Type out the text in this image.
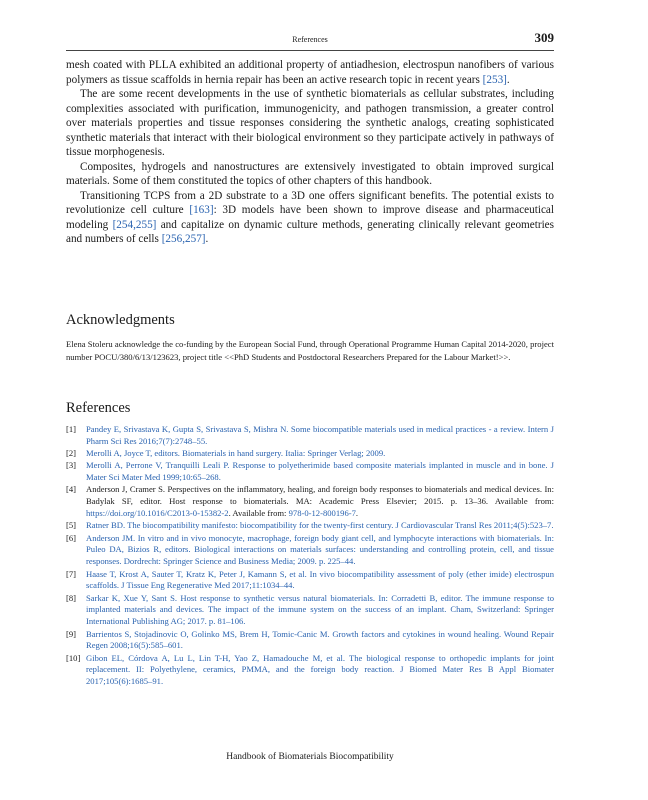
References	309

mesh coated with PLLA exhibited an additional property of antiadhesion, electrospun nanofibers of various polymers as tissue scaffolds in hernia repair has been an active research topic in recent years [253].

The are some recent developments in the use of synthetic biomaterials as cellular substrates, including complexities associated with purification, immunogenicity, and pathogen transmission, a greater control over materials properties and tissue responses considering the synthetic analogs, creating sophisticated synthetic materials that interact with their biological environment so they participate actively in pathways of tissue morphogenesis.

Composites, hydrogels and nanostructures are extensively investigated to obtain improved surgical materials. Some of them constituted the topics of other chapters of this handbook.

Transitioning TCPS from a 2D substrate to a 3D one offers significant benefits. The potential exists to revolutionize cell culture [163]: 3D models have been shown to improve disease and pharmaceutical modeling [254,255] and capitalize on dynamic culture methods, generating clinically relevant geometries and numbers of cells [256,257].

Acknowledgments
Elena Stoleru acknowledge the co-funding by the European Social Fund, through Operational Programme Human Capital 2014-2020, project number POCU/380/6/13/123623, project title <<PhD Students and Postdoctoral Researchers Prepared for the Labour Market!>>.
References
[1]	Pandey E, Srivastava K, Gupta S, Srivastava S, Mishra N. Some biocompatible materials used in medical practices - a review. Intern J Pharm Sci Res 2016;7(7):2748–55.
[2]	Merolli A, Joyce T, editors. Biomaterials in hand surgery. Italia: Springer Verlag; 2009.
[3]	Merolli A, Perrone V, Tranquilli Leali P. Response to polyetherimide based composite materials implanted in muscle and in bone. J Mater Sci Mater Med 1999;10:65–268.
[4]	Anderson J, Cramer S. Perspectives on the inflammatory, healing, and foreign body responses to biomaterials and medical devices. In: Badylak SF, editor. Host response to biomaterials. MA: Academic Press Elsevier; 2015. p. 13–36. Available from: https://doi.org/10.1016/C2013-0-15382-2. Available from: 978-0-12-800196-7.
[5]	Ratner BD. The biocompatibility manifesto: biocompatibility for the twenty-first century. J Cardiovascular Transl Res 2011;4(5):523–7.
[6]	Anderson JM. In vitro and in vivo monocyte, macrophage, foreign body giant cell, and lymphocyte interactions with biomaterials. In: Puleo DA, Bizios R, editors. Biological interactions on materials surfaces: understanding and controlling protein, cell, and tissue responses. Dordrecht: Springer Science and Business Media; 2009. p. 225–44.
[7]	Haase T, Krost A, Sauter T, Kratz K, Peter J, Kamann S, et al. In vivo biocompatibility assessment of poly (ether imide) electrospun scaffolds. J Tissue Eng Regenerative Med 2017;11:1034–44.
[8]	Sarkar K, Xue Y, Sant S. Host response to synthetic versus natural biomaterials. In: Corradetti B, editor. The immune response to implanted materials and devices. The impact of the immune system on the success of an implant. Cham, Switzerland: Springer International Publishing AG; 2017. p. 81–106.
[9]	Barrientos S, Stojadinovic O, Golinko MS, Brem H, Tomic-Canic M. Growth factors and cytokines in wound healing. Wound Repair Regen 2008;16(5):585–601.
[10] Gibon EL, Córdova A, Lu L, Lin T-H, Yao Z, Hamadouche M, et al. The biological response to orthopedic implants for joint replacement. II: Polyethylene, ceramics, PMMA, and the foreign body reaction. J Biomed Mater Res B Appl Biomater 2017;105(6):1685–91.
Handbook of Biomaterials Biocompatibility
